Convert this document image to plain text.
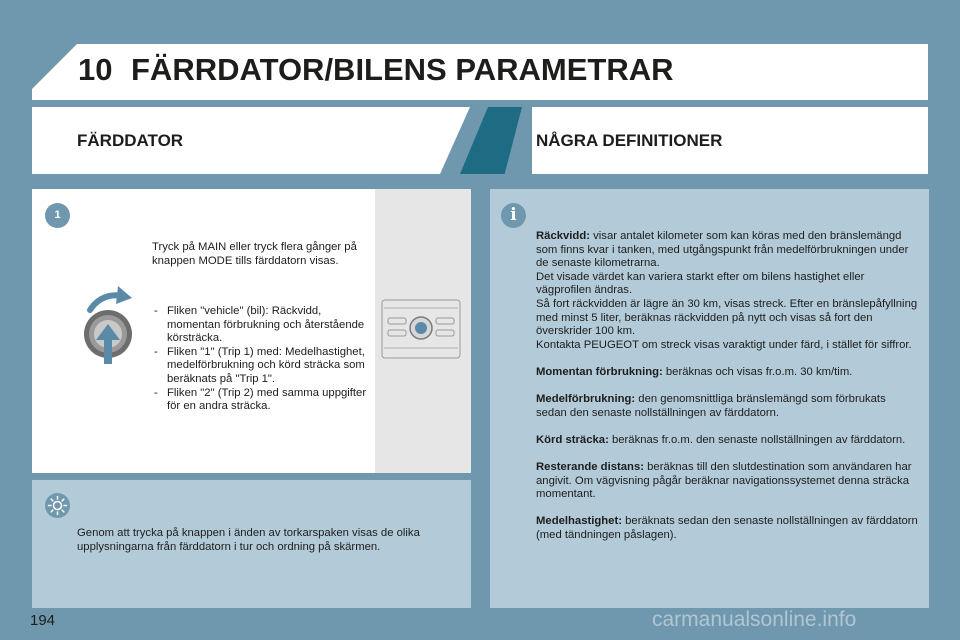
10 FÄRRDATOR/BILENS PARAMETRAR
FÄRDDATOR	NÅGRA DEFINITIONER
1	i
Tryck på MAIN eller tryck flera gånger på knappen MODE tills färddatorn visas.
- Fliken "vehicle" (bil): Räckvidd, momentan förbrukning och återstående körsträcka.
- Fliken "1" (Trip 1) med: Medelhastighet, medelförbrukning och körd sträcka som beräknats på "Trip 1".
- Fliken "2" (Trip 2) med samma uppgifter för en andra sträcka.
Genom att trycka på knappen i änden av torkarspaken visas de olika upplysningarna från färddatorn i tur och ordning på skärmen.

Räckvidd: visar antalet kilometer som kan köras med den bränslemängd som finns kvar i tanken, med utgångspunkt från medelförbrukningen under de senaste kilometrarna.
Det visade värdet kan variera starkt efter om bilens hastighet eller vägprofilen ändras.
Så fort räckvidden är lägre än 30 km, visas streck. Efter en bränslepåfyllning med minst 5 liter, beräknas räckvidden på nytt och visas så fort den överskrider 100 km.
Kontakta PEUGEOT om streck visas varaktigt under färd, i stället för siffror.

Momentan förbrukning: beräknas och visas fr.o.m. 30 km/tim.

Medelförbrukning: den genomsnittliga bränslemängd som förbrukats sedan den senaste nollställningen av färddatorn.

Körd sträcka: beräknas fr.o.m. den senaste nollställningen av färddatorn.

Resterande distans: beräknas till den slutdestination som användaren har angivit. Om vägvisning pågår beräknar navigationssystemet denna sträcka momentant.

Medelhastighet: beräknats sedan den senaste nollställningen av färddatorn (med tändningen påslagen).

194	carmanualsonline.info
